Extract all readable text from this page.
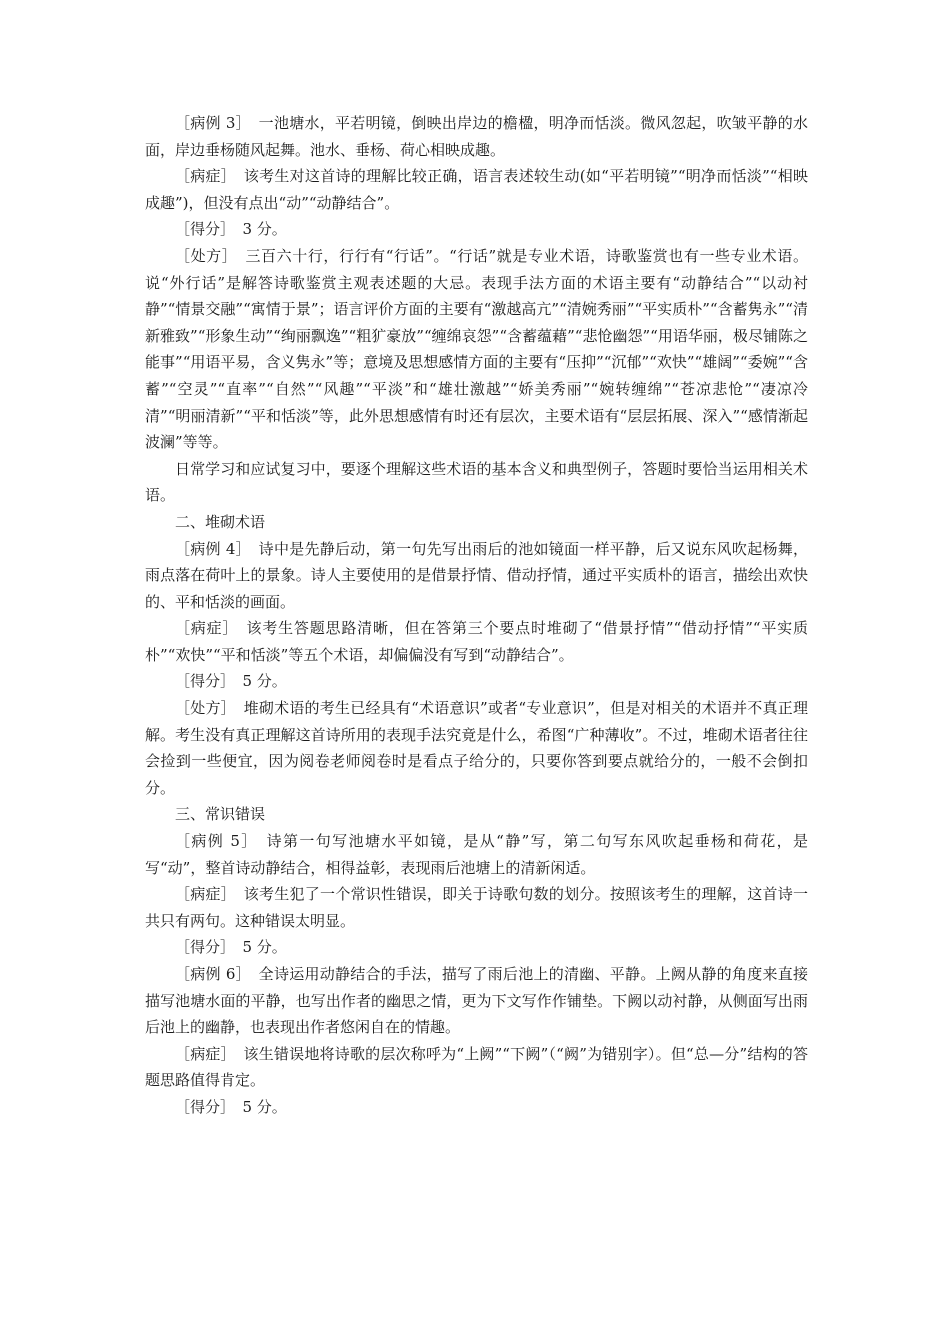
［病例 3］　一池塘水，平若明镜，倒映出岸边的檐楹，明净而恬淡。微风忽起，吹皱平静的水面，岸边垂杨随风起舞。池水、垂杨、荷心相映成趣。

［病症］　该考生对这首诗的理解比较正确，语言表述较生动(如“平若明镜”“明净而恬淡”“相映成趣”)，但没有点出“动”“动静结合”。

［得分］　3 分。

［处方］　三百六十行，行行有“行话”。“行话”就是专业术语，诗歌鉴赏也有一些专业术语。说“外行话”是解答诗歌鉴赏主观表述题的大忌。表现手法方面的术语主要有“动静结合”“以动衬静”“情景交融”“寓情于景”；语言评价方面的主要有“激越高亢”“清婉秀丽”“平实质朴”“含蓄隽永”“清新雅致”“形象生动”“绚丽飘逸”“粗犷豪放”“缠绵哀怨”“含蓄蕴藉”“悲怆幽怨”“用语华丽，极尽铺陈之能事”“用语平易，含义隽永”等；意境及思想感情方面的主要有“压抑”“沉郁”“欢快”“雄阔”“委婉”“含蓄”“空灵”“直率”“自然”“风趣”“平淡”和“雄壮激越”“娇美秀丽”“婉转缠绵”“苍凉悲怆”“凄凉冷清”“明丽清新”“平和恬淡”等，此外思想感情有时还有层次，主要术语有“层层拓展、深入”“感情渐起波澜”等等。

日常学习和应试复习中，要逐个理解这些术语的基本含义和典型例子，答题时要恰当运用相关术语。

二、堆砌术语

［病例 4］　诗中是先静后动，第一句先写出雨后的池如镜面一样平静，后又说东风吹起杨舞，雨点落在荷叶上的景象。诗人主要使用的是借景抒情、借动抒情，通过平实质朴的语言，描绘出欢快的、平和恬淡的画面。

［病症］　该考生答题思路清晰，但在答第三个要点时堆砌了“借景抒情”“借动抒情”“平实质朴”“欢快”“平和恬淡”等五个术语，却偏偏没有写到“动静结合”。

［得分］　5 分。

［处方］　堆砌术语的考生已经具有“术语意识”或者“专业意识”，但是对相关的术语并不真正理解。考生没有真正理解这首诗所用的表现手法究竟是什么，希图“广种薄收”。不过，堆砌术语者往往会捡到一些便宜，因为阅卷老师阅卷时是看点子给分的，只要你答到要点就给分的，一般不会倒扣分。

三、常识错误

［病例 5］　诗第一句写池塘水平如镜，是从“静”写，第二句写东风吹起垂杨和荷花，是写“动”，整首诗动静结合，相得益彰，表现雨后池塘上的清新闲适。

［病症］　该考生犯了一个常识性错误，即关于诗歌句数的划分。按照该考生的理解，这首诗一共只有两句。这种错误太明显。

［得分］　5 分。

［病例 6］　全诗运用动静结合的手法，描写了雨后池上的清幽、平静。上阙从静的角度来直接描写池塘水面的平静，也写出作者的幽思之情，更为下文写作作铺垫。下阙以动衬静，从侧面写出雨后池上的幽静，也表现出作者悠闲自在的情趣。

［病症］　该生错误地将诗歌的层次称呼为“上阙”“下阙”（“阙”为错别字）。但“总—分”结构的答题思路值得肯定。

［得分］　5 分。
